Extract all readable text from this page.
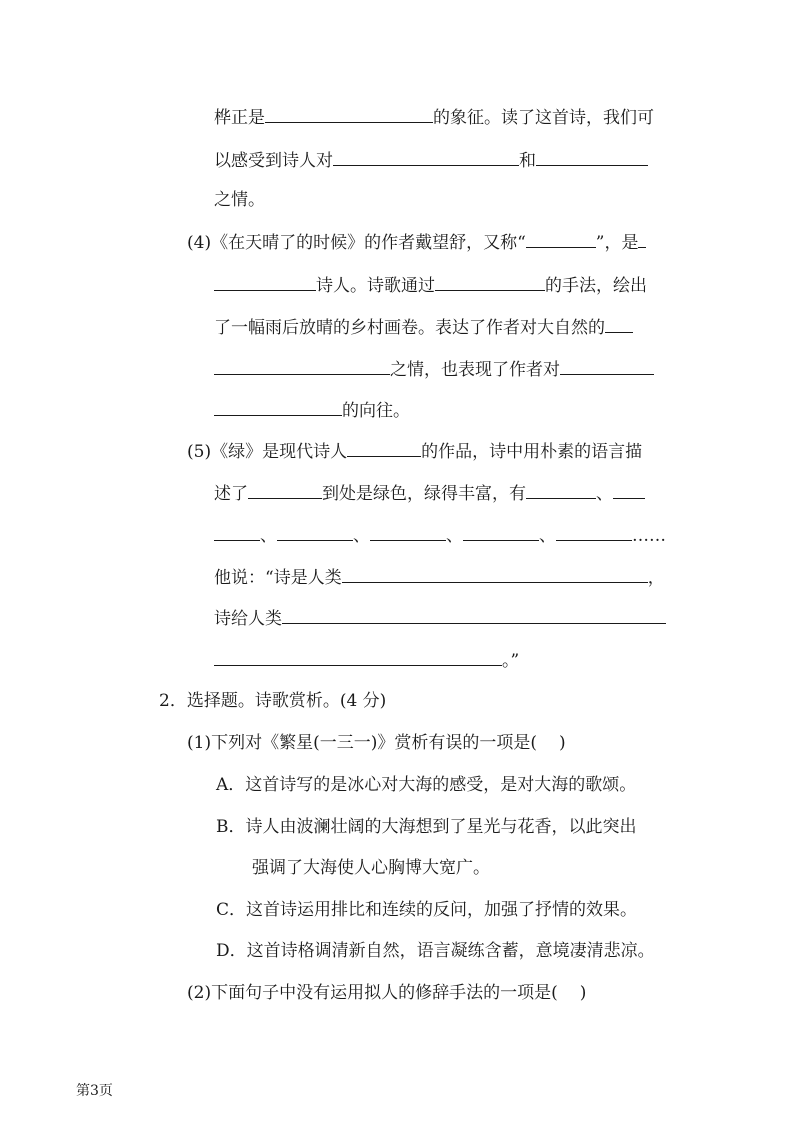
桦正是	的象征。读了这首诗，我们可
以感受到诗人对	和
之情。
(4)《在天晴了的时候》的作者戴望舒，又称“	”，是
诗人。诗歌通过	的手法，绘出
了一幅雨后放晴的乡村画卷。表达了作者对大自然的
之情，也表现了作者对
的向往。
(5)《绿》是现代诗人	的作品，诗中用朴素的语言描
述了	到处是绿色，绿得丰富，有	、
、	、	、	、	……
他说：“诗是人类	，
诗给人类
。”
2．选择题。诗歌赏析。(4 分)
(1)下列对《繁星(一三一)》赏析有误的一项是( )
A．这首诗写的是冰心对大海的感受，是对大海的歌颂。
B．诗人由波澜壮阔的大海想到了星光与花香，以此突出
强调了大海使人心胸博大宽广。
C．这首诗运用排比和连续的反问，加强了抒情的效果。
D．这首诗格调清新自然，语言凝练含蓄，意境凄清悲凉。
(2)下面句子中没有运用拟人的修辞手法的一项是( )
第3页
